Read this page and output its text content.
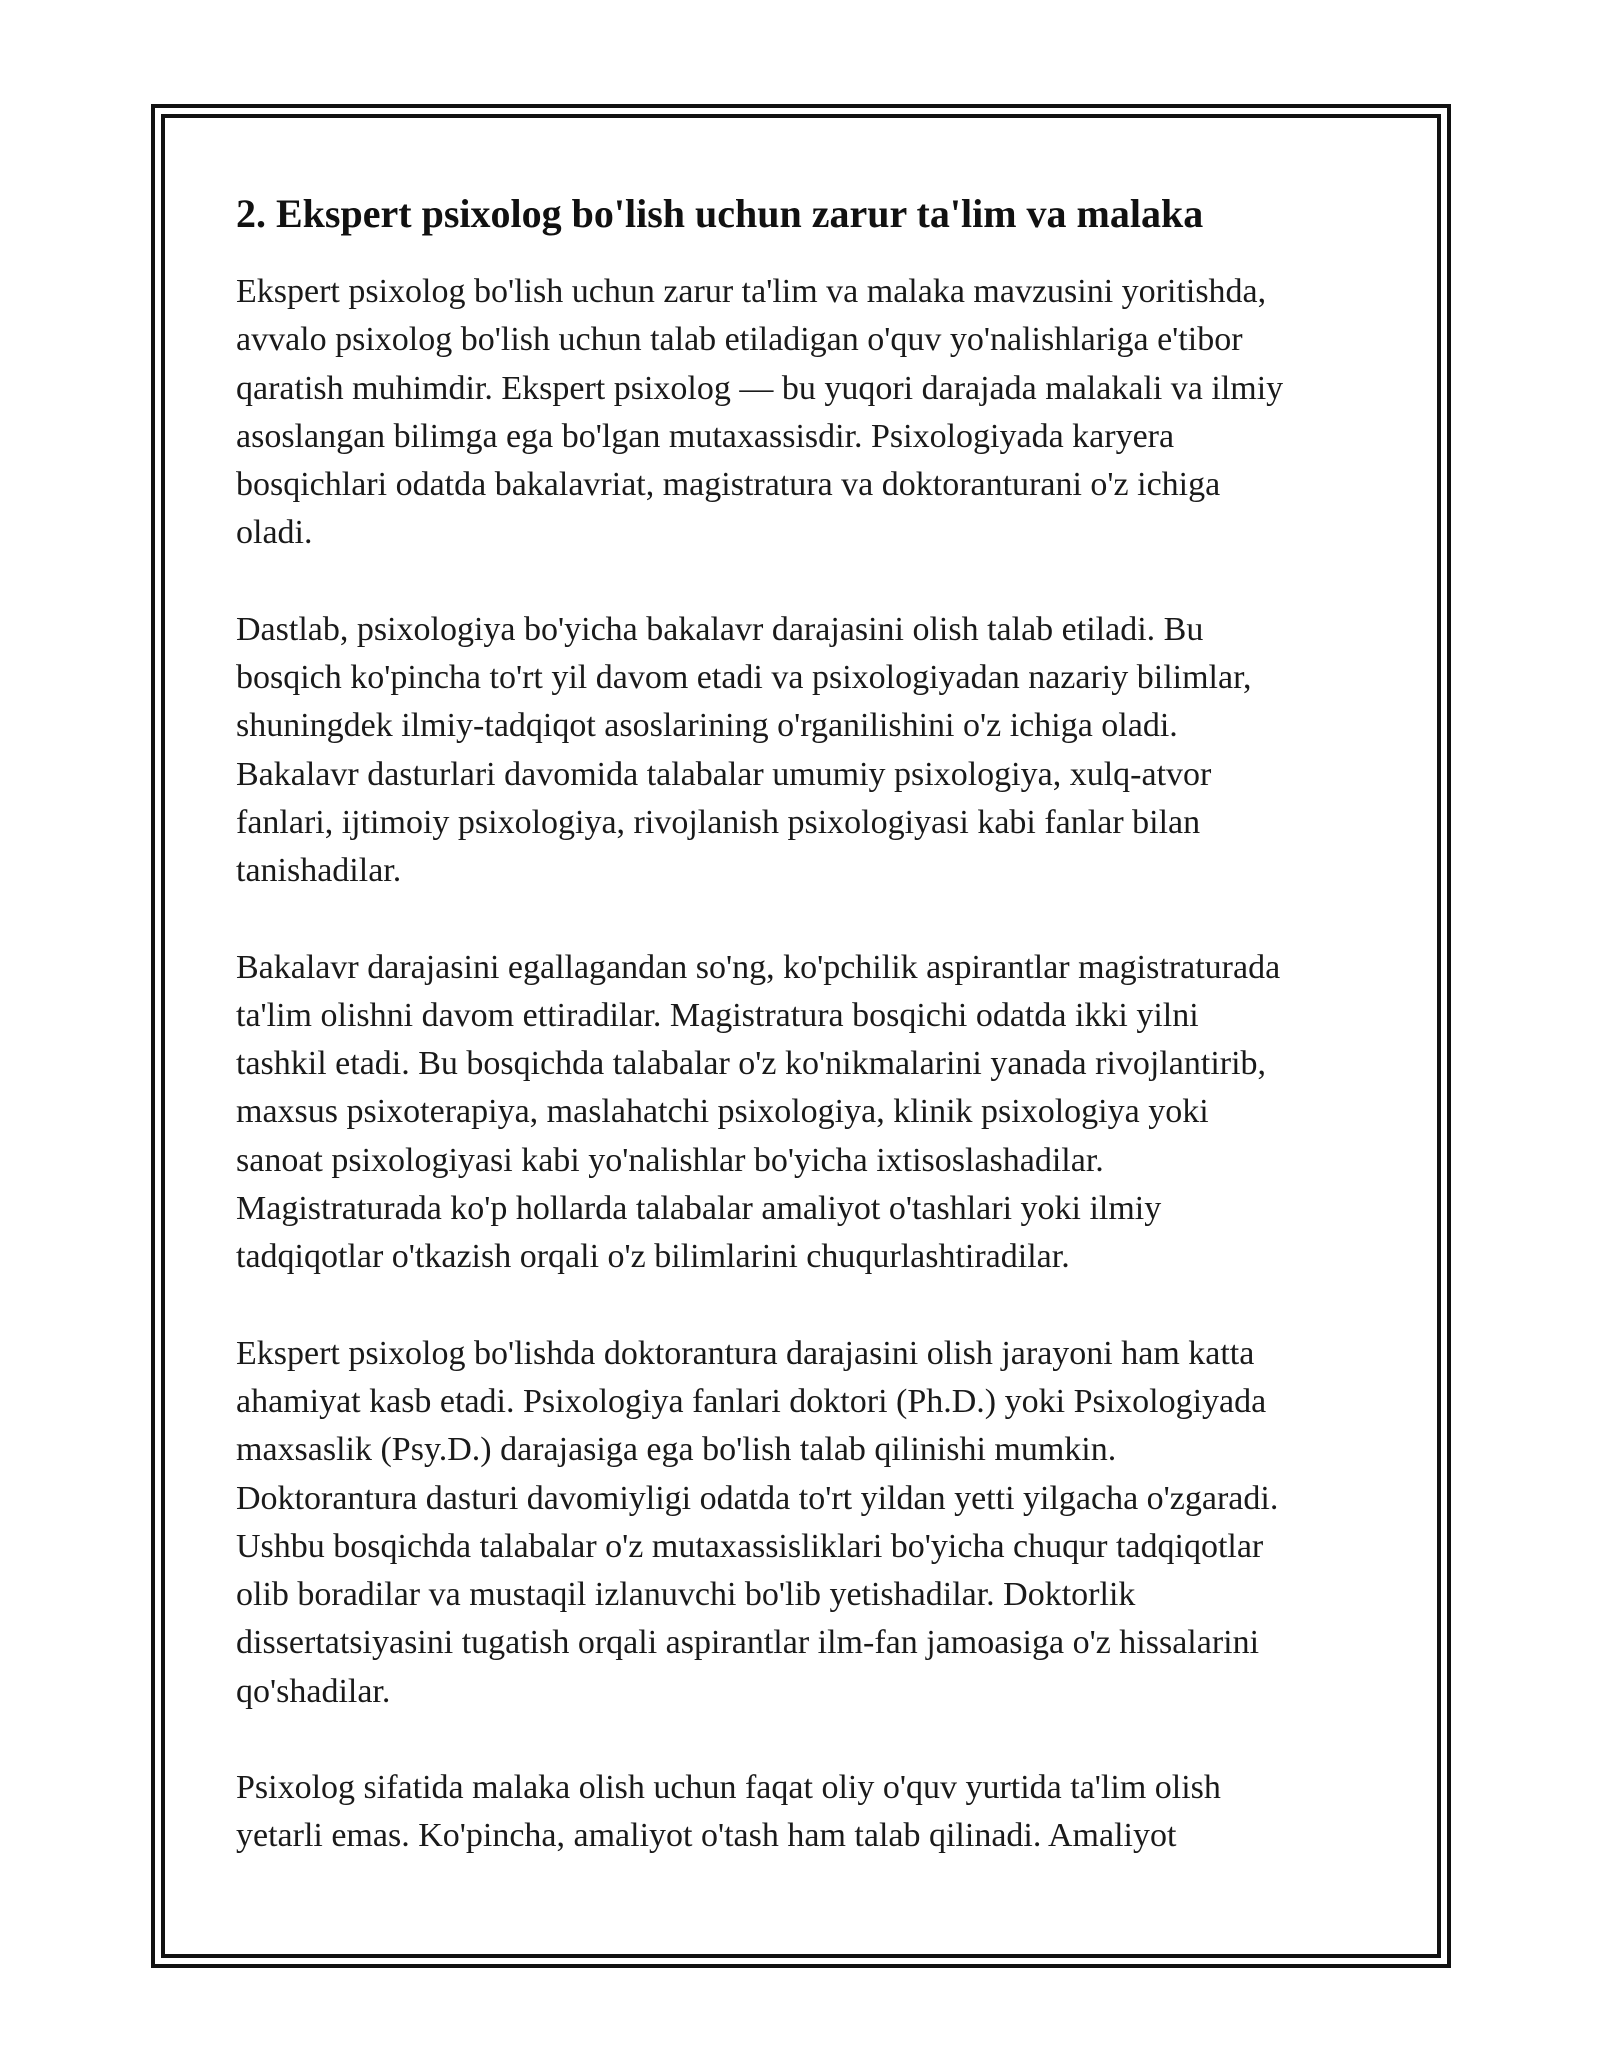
2. Ekspert psixolog bo'lish uchun zarur ta'lim va malaka

Ekspert psixolog bo'lish uchun zarur ta'lim va malaka mavzusini yoritishda,
avvalo psixolog bo'lish uchun talab etiladigan o'quv yo'nalishlariga e'tibor
qaratish muhimdir. Ekspert psixolog — bu yuqori darajada malakali va ilmiy
asoslangan bilimga ega bo'lgan mutaxassisdir. Psixologiyada karyera
bosqichlari odatda bakalavriat, magistratura va doktoranturani o'z ichiga
oladi.

Dastlab, psixologiya bo'yicha bakalavr darajasini olish talab etiladi. Bu
bosqich ko'pincha to'rt yil davom etadi va psixologiyadan nazariy bilimlar,
shuningdek ilmiy-tadqiqot asoslarining o'rganilishini o'z ichiga oladi.
Bakalavr dasturlari davomida talabalar umumiy psixologiya, xulq-atvor
fanlari, ijtimoiy psixologiya, rivojlanish psixologiyasi kabi fanlar bilan
tanishadilar.

Bakalavr darajasini egallagandan so'ng, ko'pchilik aspirantlar magistraturada
ta'lim olishni davom ettiradilar. Magistratura bosqichi odatda ikki yilni
tashkil etadi. Bu bosqichda talabalar o'z ko'nikmalarini yanada rivojlantirib,
maxsus psixoterapiya, maslahatchi psixologiya, klinik psixologiya yoki
sanoat psixologiyasi kabi yo'nalishlar bo'yicha ixtisoslashadilar.
Magistraturada ko'p hollarda talabalar amaliyot o'tashlari yoki ilmiy
tadqiqotlar o'tkazish orqali o'z bilimlarini chuqurlashtiradilar.

Ekspert psixolog bo'lishda doktorantura darajasini olish jarayoni ham katta
ahamiyat kasb etadi. Psixologiya fanlari doktori (Ph.D.) yoki Psixologiyada
maxsaslik (Psy.D.) darajasiga ega bo'lish talab qilinishi mumkin.
Doktorantura dasturi davomiyligi odatda to'rt yildan yetti yilgacha o'zgaradi.
Ushbu bosqichda talabalar o'z mutaxassisliklari bo'yicha chuqur tadqiqotlar
olib boradilar va mustaqil izlanuvchi bo'lib yetishadilar. Doktorlik
dissertatsiyasini tugatish orqali aspirantlar ilm-fan jamoasiga o'z hissalarini
qo'shadilar.

Psixolog sifatida malaka olish uchun faqat oliy o'quv yurtida ta'lim olish
yetarli emas. Ko'pincha, amaliyot o'tash ham talab qilinadi. Amaliyot
